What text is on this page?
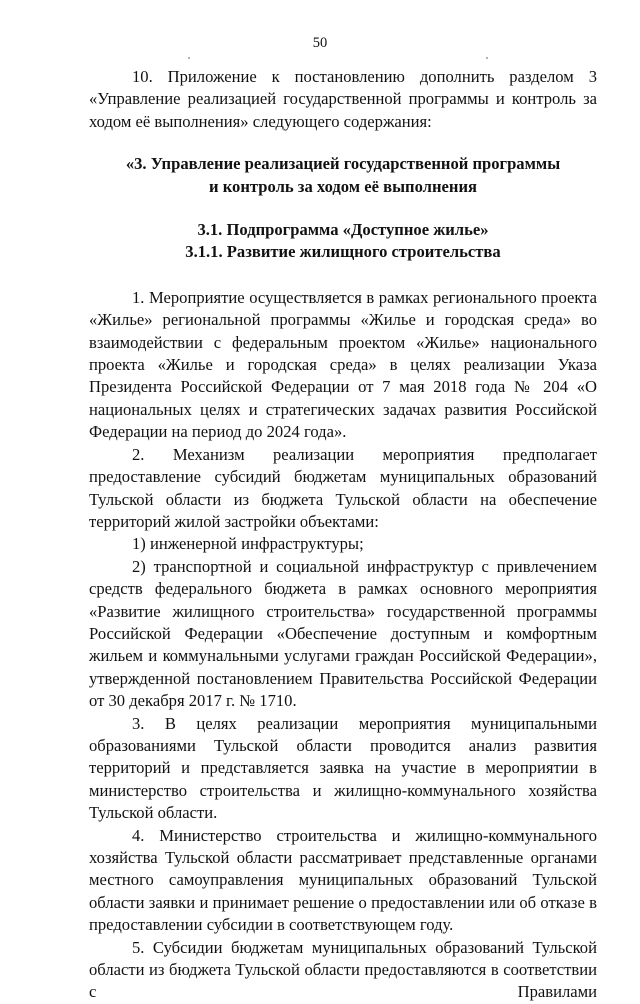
50

10. Приложение к постановлению дополнить разделом 3 «Управление реализацией государственной программы и контроль за ходом её выполнения» следующего содержания:

«3. Управление реализацией государственной программы

и контроль за ходом её выполнения

3.1. Подпрограмма «Доступное жилье»

3.1.1. Развитие жилищного строительства

1. Мероприятие осуществляется в рамках регионального проекта «Жилье» региональной программы «Жилье и городская среда» во взаимодействии с федеральным проектом «Жилье» национального проекта «Жилье и городская среда» в целях реализации Указа Президента Российской Федерации от 7 мая 2018 года № 204 «О национальных целях и стратегических задачах развития Российской Федерации на период до 2024 года».

2. Механизм реализации мероприятия предполагает предоставление субсидий бюджетам муниципальных образований Тульской области из бюджета Тульской области на обеспечение территорий жилой застройки объектами:

1) инженерной инфраструктуры;

2) транспортной и социальной инфраструктур с привлечением средств федерального бюджета в рамках основного мероприятия «Развитие жилищного строительства» государственной программы Российской Федерации «Обеспечение доступным и комфортным жильем и коммунальными услугами граждан Российской Федерации», утвержденной постановлением Правительства Российской Федерации от 30 декабря 2017 г. № 1710.

3. В целях реализации мероприятия муниципальными образованиями Тульской области проводится анализ развития территорий и представляется заявка на участие в мероприятии в министерство строительства и жилищно-коммунального хозяйства Тульской области.

4. Министерство строительства и жилищно-коммунального хозяйства Тульской области рассматривает представленные органами местного самоуправления муниципальных образований Тульской области заявки и принимает решение о предоставлении или об отказе в предоставлении субсидии в соответствующем году.

5. Субсидии бюджетам муниципальных образований Тульской области из бюджета Тульской области предоставляются в соответствии с Правилами
